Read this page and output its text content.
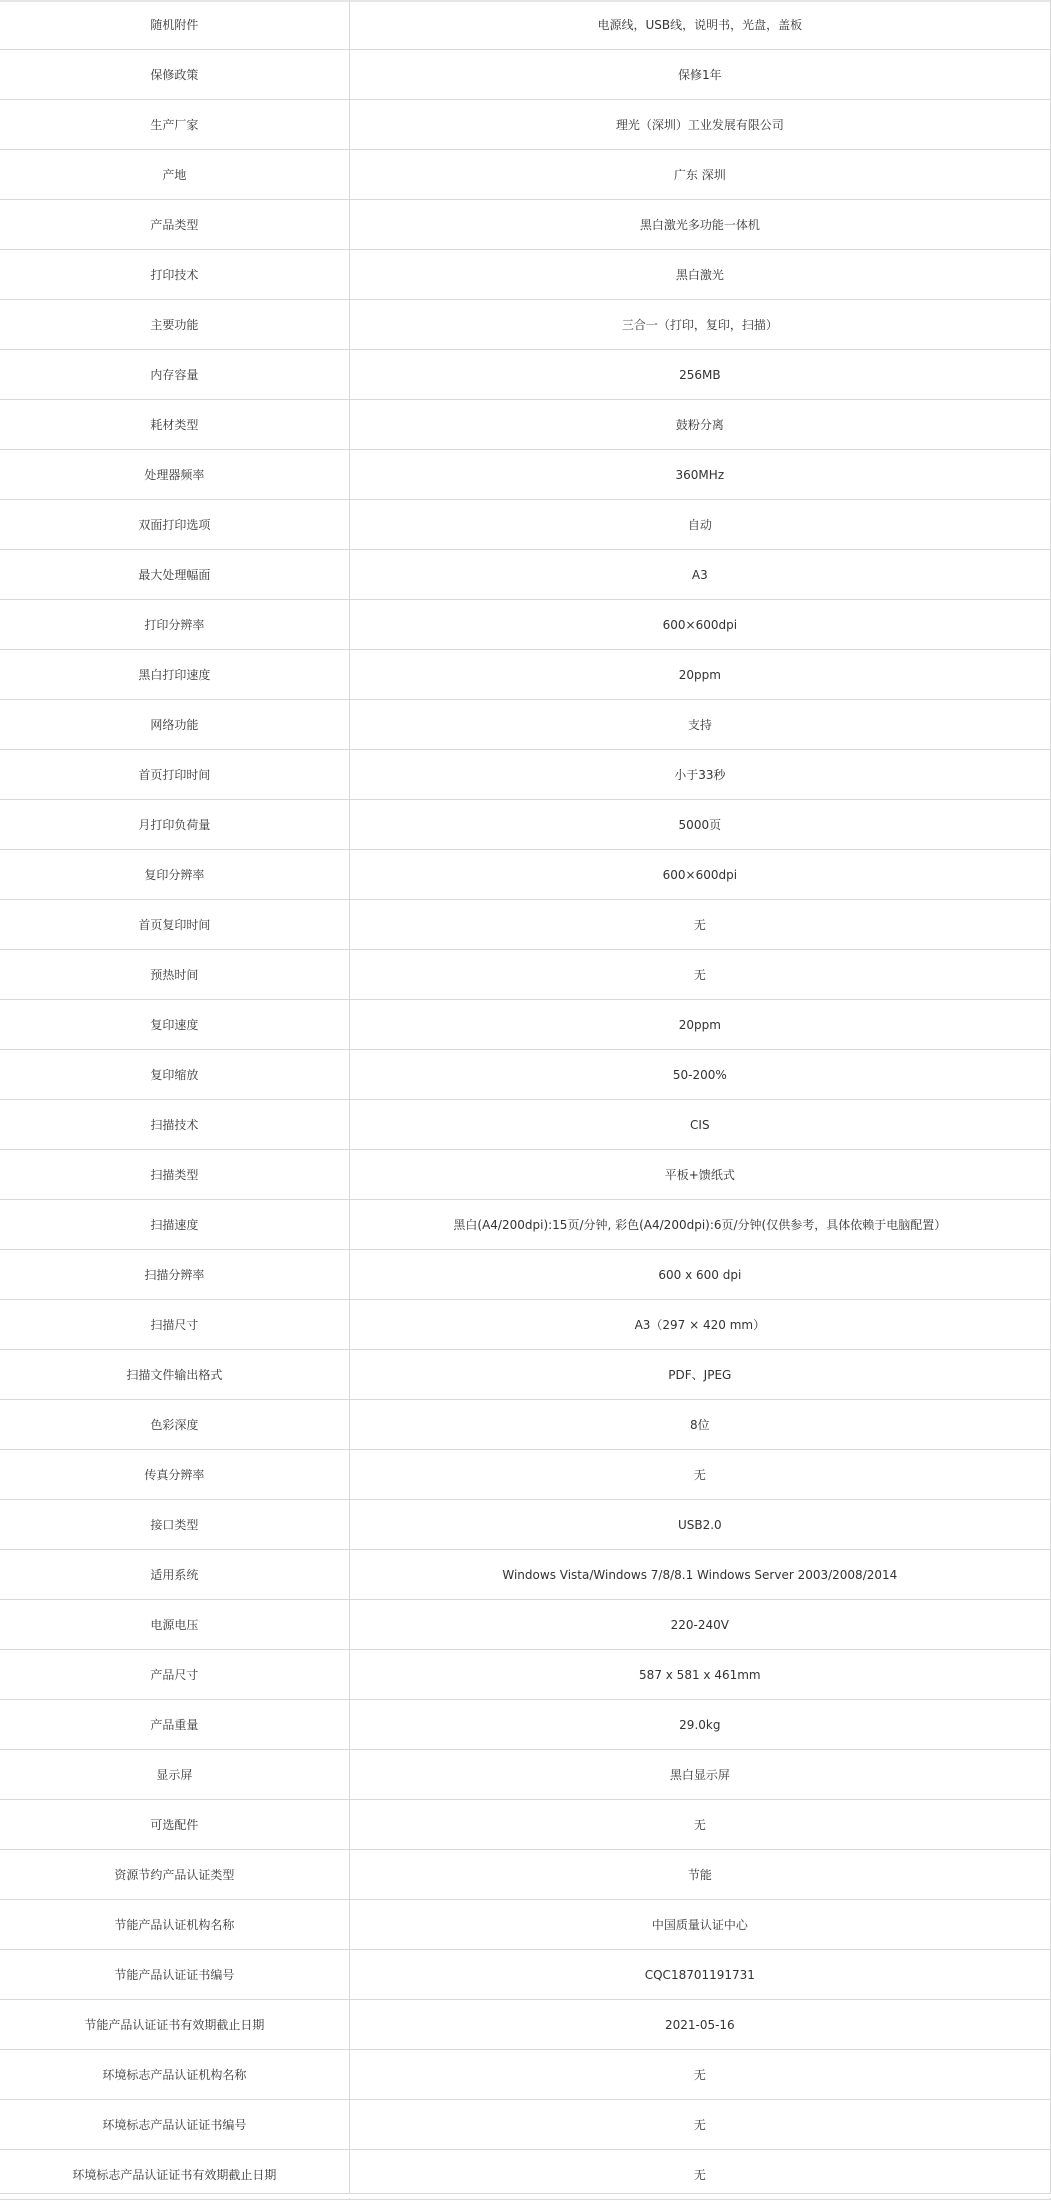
随机附件	电源线，USB线，说明书，光盘，盖板
保修政策	保修1年
生产厂家	理光（深圳）工业发展有限公司
产地	广东 深圳
产品类型	黑白激光多功能一体机
打印技术	黑白激光
主要功能	三合一（打印，复印，扫描）
内存容量	256MB
耗材类型	鼓粉分离
处理器频率	360MHz
双面打印选项	自动
最大处理幅面	A3
打印分辨率	600×600dpi
黑白打印速度	20ppm
网络功能	支持
首页打印时间	小于33秒
月打印负荷量	5000页
复印分辨率	600×600dpi
首页复印时间	无
预热时间	无
复印速度	20ppm
复印缩放	50-200%
扫描技术	CIS
扫描类型	平板+馈纸式
扫描速度	黑白(A4/200dpi):15页/分钟, 彩色(A4/200dpi):6页/分钟(仅供参考，具体依赖于电脑配置）
扫描分辨率	600 x 600 dpi
扫描尺寸	A3（297 × 420 mm）
扫描文件输出格式	PDF、JPEG
色彩深度	8位
传真分辨率	无
接口类型	USB2.0
适用系统	Windows Vista/Windows 7/8/8.1 Windows Server 2003/2008/2014
电源电压	220-240V
产品尺寸	587 x 581 x 461mm
产品重量	29.0kg
显示屏	黑白显示屏
可选配件	无
资源节约产品认证类型	节能
节能产品认证机构名称	中国质量认证中心
节能产品认证证书编号	CQC18701191731
节能产品认证证书有效期截止日期	2021-05-16
环境标志产品认证机构名称	无
环境标志产品认证证书编号	无
环境标志产品认证证书有效期截止日期	无
